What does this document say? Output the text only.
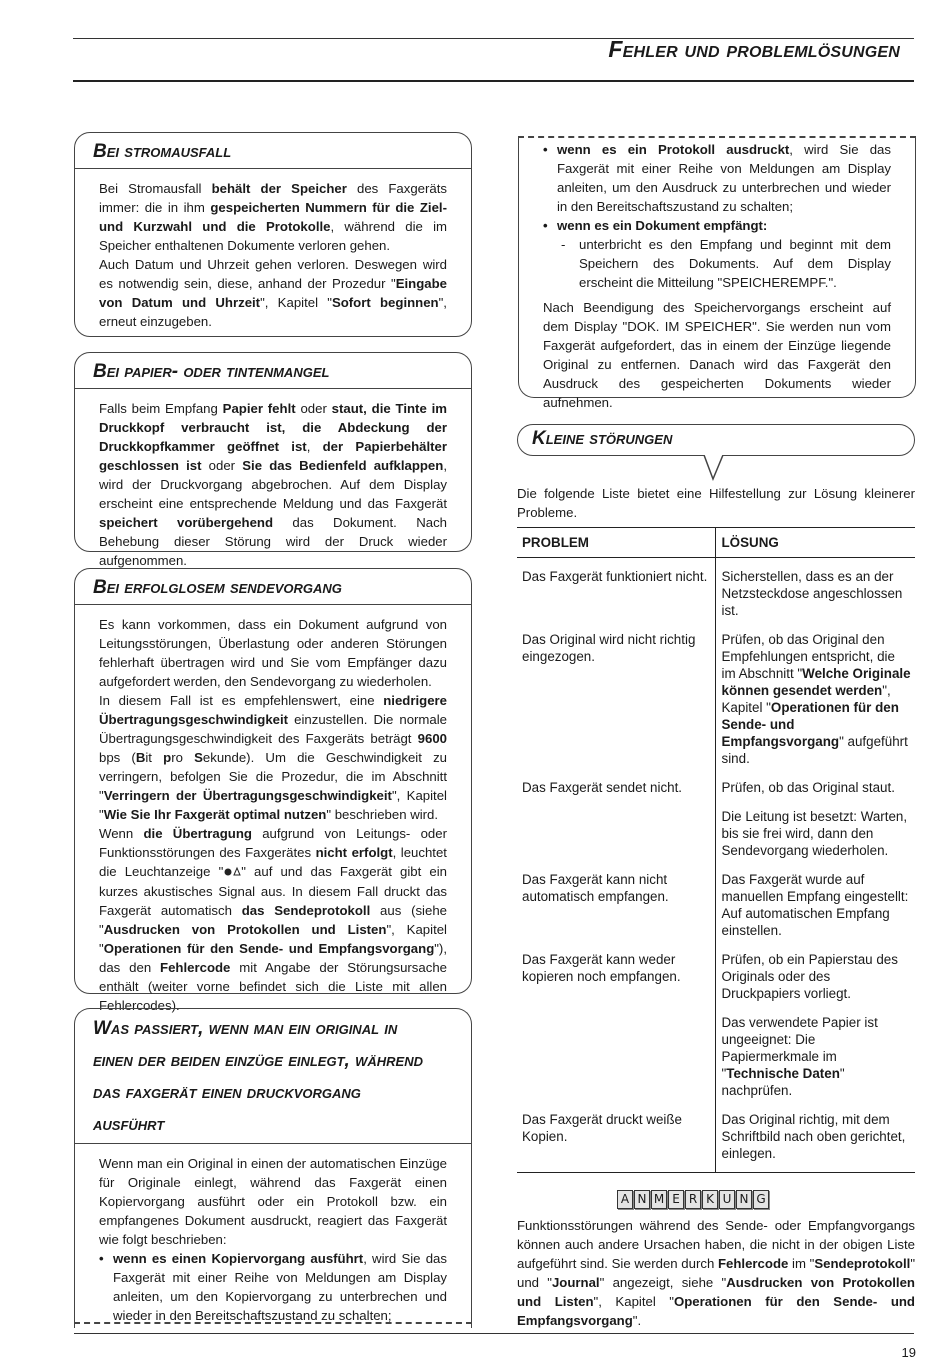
Fehler und problemlösungen
Bei stromausfall

Bei Stromausfall behält der Speicher des Faxgeräts immer: die in ihm gespeicherten Nummern für die Ziel- und Kurzwahl und die Protokolle, während die im Speicher enthaltenen Dokumente verloren gehen.

Auch Datum und Uhrzeit gehen verloren. Deswegen wird es notwendig sein, diese, anhand der Prozedur "Eingabe von Datum und Uhrzeit", Kapitel "Sofort beginnen", erneut einzugeben.

Bei papier- oder tintenmangel

Falls beim Empfang Papier fehlt oder staut, die Tinte im Druckkopf verbraucht ist, die Abdeckung der Druckkopfkammer geöffnet ist, der Papierbehälter geschlossen ist oder Sie das Bedienfeld aufklappen, wird der Druckvorgang abgebrochen. Auf dem Display erscheint eine entsprechende Meldung und das Faxgerät speichert vorübergehend das Dokument. Nach Behebung dieser Störung wird der Druck wieder aufgenommen.

Bei erfolglosem sendevorgang

Es kann vorkommen, dass ein Dokument aufgrund von Leitungsstörungen, Überlastung oder anderen Störungen fehlerhaft übertragen wird und Sie vom Empfänger dazu aufgefordert werden, den Sendevorgang zu wiederholen.

In diesem Fall ist es empfehlenswert, eine niedrigere Übertragungsgeschwindigkeit einzustellen. Die normale Übertragungsgeschwindigkeit des Faxgeräts beträgt 9600 bps (Bit pro Sekunde). Um die Geschwindigkeit zu verringern, befolgen Sie die Prozedur, die im Abschnitt "Verringern der Übertragungsgeschwindigkeit", Kapitel "Wie Sie Ihr Faxgerät optimal nutzen" beschrieben wird.

Wenn die Übertragung aufgrund von Leitungs- oder Funktionsstörungen des Faxgerätes nicht erfolgt, leuchtet die Leuchtanzeige " " auf und das Faxgerät gibt ein kurzes akustisches Signal aus. In diesem Fall druckt das Faxgerät automatisch das Sendeprotokoll aus (siehe "Ausdrucken von Protokollen und Listen", Kapitel "Operationen für den Sende- und Empfangsvorgang"), das den Fehlercode mit Angabe der Störungsursache enthält (weiter vorne befindet sich die Liste mit allen Fehlercodes).

Was passiert, wenn man ein original in
einen der beiden einzüge einlegt, während
das faxgerät einen druckvorgang
ausführt

Wenn man ein Original in einen der automatischen Einzüge für Originale einlegt, während das Faxgerät einen Kopiervorgang ausführt oder ein Protokoll bzw. ein empfangenes Dokument ausdruckt, reagiert das Faxgerät wie folgt beschrieben:

• wenn es einen Kopiervorgang ausführt, wird Sie das Faxgerät mit einer Reihe von Meldungen am Display anleiten, um den Kopiervorgang zu unterbrechen und wieder in den Bereitschaftszustand zu schalten;
• wenn es ein Protokoll ausdruckt, wird Sie das Faxgerät mit einer Reihe von Meldungen am Display anleiten, um den Ausdruck zu unterbrechen und wieder in den Bereitschaftszustand zu schalten;
• wenn es ein Dokument empfängt:
- unterbricht es den Empfang und beginnt mit dem Speichern des Dokuments. Auf dem Display erscheint die Mitteilung "SPEICHEREMPF.".

Nach Beendigung des Speichervorgangs erscheint auf dem Display "DOK. IM SPEICHER". Sie werden nun vom Faxgerät aufgefordert, das in einem der Einzüge liegende Original zu entfernen. Danach wird das Faxgerät den Ausdruck des gespeicherten Dokuments wieder aufnehmen.

Kleine störungen

Die folgende Liste bietet eine Hilfestellung zur Lösung kleinerer Probleme.

PROBLEM	LÖSUNG
Das Faxgerät funktioniert nicht.	Sicherstellen, dass es an der Netzsteckdose angeschlossen ist.
Das Original wird nicht richtig eingezogen.	Prüfen, ob das Original den Empfehlungen entspricht, die im Abschnitt "Welche Originale können gesendet werden", Kapitel "Operationen für den Sende- und Empfangsvorgang" aufgeführt sind.
Das Faxgerät sendet nicht.	Prüfen, ob das Original staut.
Die Leitung ist besetzt: Warten, bis sie frei wird, dann den Sendevorgang wiederholen.

Das Faxgerät kann nicht automatisch empfangen.	Das Faxgerät wurde auf manuellen Empfang eingestellt: Auf automatischen Empfang einstellen.
Das Faxgerät kann weder kopieren noch empfangen.	Prüfen, ob ein Papierstau des Originals oder des Druckpapiers vorliegt.
Das verwendete Papier ist ungeeignet: Die Papiermerkmale im "Technische Daten" nachprüfen.

Das Faxgerät druckt weiße Kopien.	Das Original richtig, mit dem Schriftbild nach oben gerichtet, einlegen.
A N M E R K U N G

Funktionsstörungen während des Sende- oder Empfangvorgangs können auch andere Ursachen haben, die nicht in der obigen Liste aufgeführt sind. Sie werden durch Fehlercode im "Sendeprotokoll" und "Journal" angezeigt, siehe "Ausdrucken von Protokollen und Listen", Kapitel "Operationen für den Sende- und Empfangsvorgang".

19
